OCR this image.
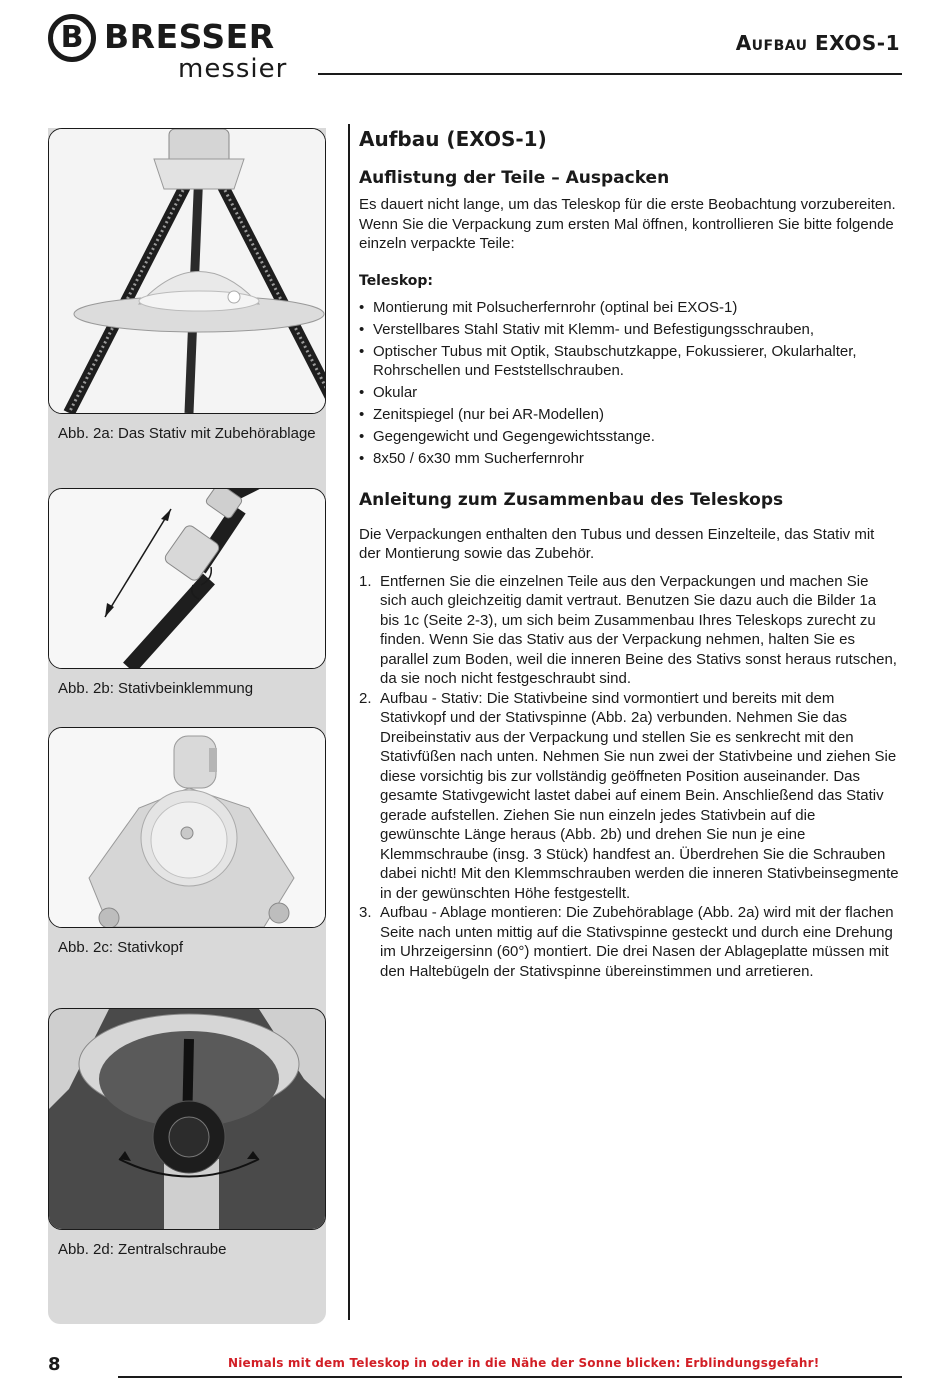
B BRESSER
messier
Aufbau EXOS-1
Abb. 2a: Das Stativ mit Zubehörablage
Abb. 2b: Stativbeinklemmung
Abb. 2c: Stativkopf
Abb. 2d: Zentralschraube
Aufbau (EXOS-1)
Auflistung der Teile – Auspacken

Es dauert nicht lange, um das Teleskop für die erste Beobachtung vorzubereiten. Wenn Sie die Verpackung zum ersten Mal öffnen, kontrollieren Sie bitte folgende einzeln verpackte Teile:

Teleskop:
• Montierung mit Polsucherfernrohr (optinal bei EXOS-1)
• Verstellbares Stahl Stativ mit Klemm- und Befestigungsschrauben,
• Optischer Tubus mit Optik, Staubschutzkappe, Fokussierer, Okularhalter, Rohrschellen und Feststellschrauben.
• Okular
• Zenitspiegel (nur bei AR-Modellen)
• Gegengewicht und Gegengewichtsstange.
• 8x50 / 6x30 mm Sucherfernrohr
Anleitung zum Zusammenbau des Teleskops

Die Verpackungen enthalten den Tubus und dessen Einzelteile, das Stativ mit der Montierung sowie das Zubehör.

1. Entfernen Sie die einzelnen Teile aus den Verpackungen und machen Sie sich auch gleichzeitig damit vertraut. Benutzen Sie dazu auch die Bilder 1a bis 1c (Seite 2-3), um sich beim Zusammenbau Ihres Teleskops zurecht zu finden. Wenn Sie das Stativ aus der Verpackung nehmen, halten Sie es parallel zum Boden, weil die inneren Beine des Stativs sonst heraus rutschen, da sie noch nicht festgeschraubt sind.
2. Aufbau - Stativ: Die Stativbeine sind vormontiert und bereits mit dem Stativkopf und der Stativspinne (Abb. 2a) verbunden. Nehmen Sie das Dreibeinstativ aus der Verpackung und stellen Sie es senkrecht mit den Stativfüßen nach unten. Nehmen Sie nun zwei der Stativbeine und ziehen Sie diese vorsichtig bis zur vollständig geöffneten Position auseinander. Das gesamte Stativgewicht lastet dabei auf einem Bein. Anschließend das Stativ gerade aufstellen. Ziehen Sie nun einzeln jedes Stativbein auf die gewünschte Länge heraus (Abb. 2b) und drehen Sie nun je eine Klemmschraube (insg. 3 Stück) handfest an. Überdrehen Sie die Schrauben dabei nicht! Mit den Klemmschrauben werden die inneren Stativbeinsegmente in der gewünschten Höhe festgestellt.
3. Aufbau - Ablage montieren: Die Zubehörablage (Abb. 2a) wird mit der flachen Seite nach unten mittig auf die Stativspinne gesteckt und durch eine Drehung im Uhrzeigersinn (60°) montiert. Die drei Nasen der Ablageplatte müssen mit den Haltebügeln der Stativspinne übereinstimmen und arretieren.
8	Niemals mit dem Teleskop in oder in die Nähe der Sonne blicken: Erblindungsgefahr!
